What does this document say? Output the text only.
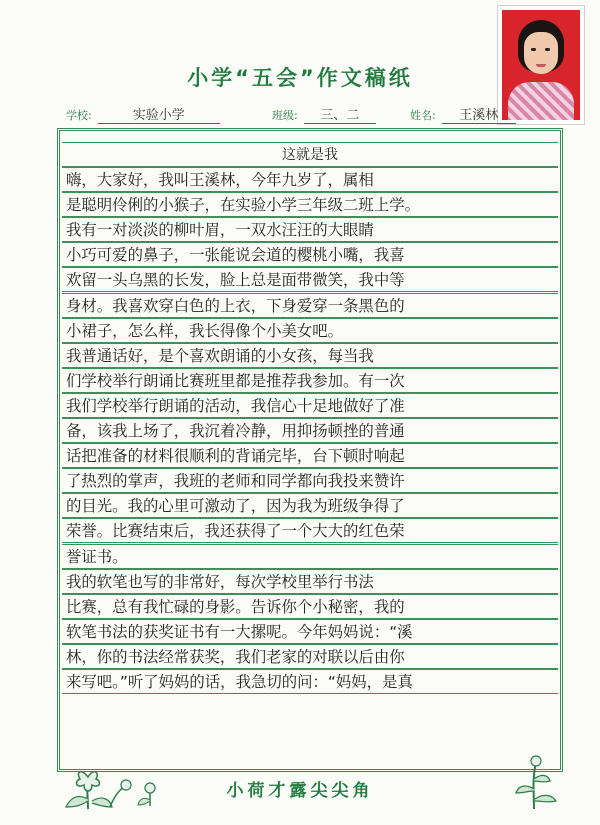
小学“五会”作文稿纸
学校:	实验小学	班级: 三、二	姓名: 王溪林
这就是我
嗨，大家好，我叫王溪林，今年九岁了，属相
是聪明伶俐的小猴子，在实验小学三年级二班上学。
我有一对淡淡的柳叶眉，一双水汪汪的大眼睛
小巧可爱的鼻子，一张能说会道的樱桃小嘴，我喜
欢留一头乌黑的长发，脸上总是面带微笑，我中等
身材。我喜欢穿白色的上衣，下身爱穿一条黑色的
小裙子，怎么样，我长得像个小美女吧。
我普通话好，是个喜欢朗诵的小女孩，每当我
们学校举行朗诵比赛班里都是推荐我参加。有一次
我们学校举行朗诵的活动，我信心十足地做好了准
备，该我上场了，我沉着冷静，用抑扬顿挫的普通
话把准备的材料很顺利的背诵完毕，台下顿时响起
了热烈的掌声，我班的老师和同学都向我投来赞许
的目光。我的心里可激动了，因为我为班级争得了
荣誉。比赛结束后，我还获得了一个大大的红色荣
誉证书。
我的软笔也写的非常好，每次学校里举行书法
比赛，总有我忙碌的身影。告诉你个小秘密，我的
软笔书法的获奖证书有一大摞呢。今年妈妈说：“溪
林，你的书法经常获奖，我们老家的对联以后由你
来写吧。”听了妈妈的话，我急切的问：“妈妈，是真
小荷才露尖尖角
